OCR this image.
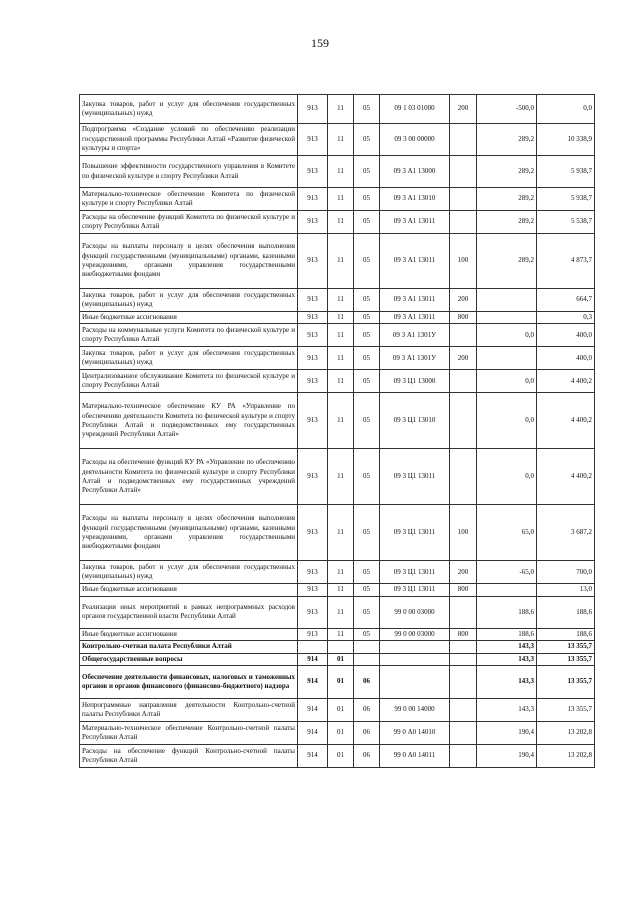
159
Закупка товаров, работ и услуг для обеспечения государственных (муниципальных) нужд	913	11	05	09 1 03 01000	200	-500,0	0,0
Подпрограмма «Создание условий по обеспечению реализации государственной программы Республики Алтай «Развитие физической культуры и спорта»	913	11	05	09 3 00 00000		289,2	10 338,9
Повышение эффективности государственного управления в Комитете по физической культуре и спорту Республики Алтай	913	11	05	09 3 А1 13000		289,2	5 938,7
Материально-техническое обеспечение Комитета по физической культуре и спорту Республики Алтай	913	11	05	09 3 А1 13010		289,2	5 938,7
Расходы на обеспечение функций Комитета по физической культуре и спорту Республики Алтай	913	11	05	09 3 А1 13011		289,2	5 538,7
Расходы на выплаты персоналу в целях обеспечения выполнения функций государственными (муниципальными) органами, казенными учреждениями, органами управления государственными внебюджетными фондами	913	11	05	09 3 А1 13011	100	289,2	4 873,7
Закупка товаров, работ и услуг для обеспечения государственных (муниципальных) нужд	913	11	05	09 3 А1 13011	200		664,7
Иные бюджетные ассигнования	913	11	05	09 3 А1 13011	800		0,3
Расходы на коммунальные услуги Комитета по физической культуре и спорту Республики Алтай	913	11	05	09 3 А1 1301У		0,0	400,0
Закупка товаров, работ и услуг для обеспечения государственных (муниципальных) нужд	913	11	05	09 3 А1 1301У	200		400,0
Централизованное обслуживание Комитета по физической культуре и спорту Республики Алтай	913	11	05	09 3 Ц1 13000		0,0	4 400,2
Материально-техническое обеспечение КУ РА «Управление по обеспечению деятельности Комитета по физической культуре и спорту Республики Алтай и подведомственных ему государственных учреждений Республики Алтай»	913	11	05	09 3 Ц1 13010		0,0	4 400,2
Расходы на обеспечение функций КУ РА «Управление по обеспечению деятельности Комитета по физической культуре и спорту Республики Алтай и подведомственных ему государственных учреждений Республики Алтай»	913	11	05	09 3 Ц1 13011		0,0	4 400,2
Расходы на выплаты персоналу в целях обеспечения выполнения функций государственными (муниципальными) органами, казенными учреждениями, органами управления государственными внебюджетными фондами	913	11	05	09 3 Ц1 13011	100	65,0	3 687,2
Закупка товаров, работ и услуг для обеспечения государственных (муниципальных) нужд	913	11	05	09 3 Ц1 13011	200	-65,0	700,0
Иные бюджетные ассигнования	913	11	05	09 3 Ц1 13011	800		13,0
Реализация иных мероприятий в рамках непрограммных расходов органов государственной власти Республики Алтай	913	11	05	99 0 00 03000		188,6	188,6
Иные бюджетные ассигнования	913	11	05	99 0 00 03000	800	188,6	188,6
Контрольно-счетная палата Республики Алтай						143,3	13 355,7
Общегосударственные вопросы	914	01				143,3	13 355,7
Обеспечение деятельности финансовых, налоговых и таможенных органов и органов финансового (финансово-бюджетного) надзора	914	01	06			143,3	13 355,7
Непрограммные направления деятельности Контрольно-счетной палаты Республики Алтай	914	01	06	99 0 00 14000		143,3	13 355,7
Материально-техническое обеспечение Контрольно-счетной палаты Республики Алтай	914	01	06	99 0 А0 14010		190,4	13 202,8
Расходы на обеспечение функций Контрольно-счетной палаты Республики Алтай	914	01	06	99 0 А0 14011		190,4	13 202,8
